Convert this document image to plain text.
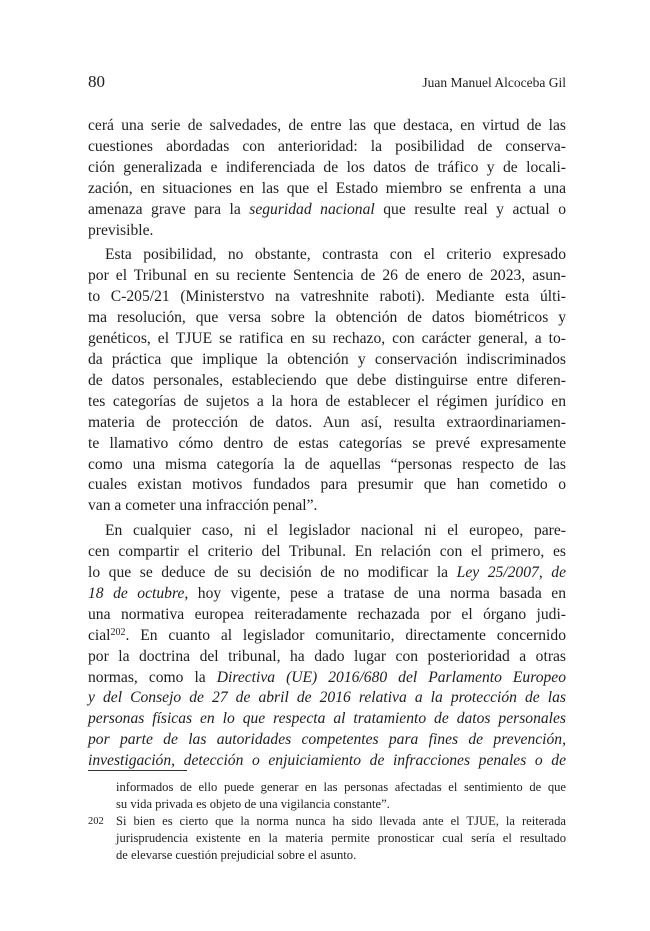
80	Juan Manuel Alcoceba Gil
cerá una serie de salvedades, de entre las que destaca, en virtud de las
cuestiones abordadas con anterioridad: la posibilidad de conserva-
ción generalizada e indiferenciada de los datos de tráfico y de locali-
zación, en situaciones en las que el Estado miembro se enfrenta a una
amenaza grave para la seguridad nacional que resulte real y actual o
previsible.
Esta posibilidad, no obstante, contrasta con el criterio expresado
por el Tribunal en su reciente Sentencia de 26 de enero de 2023, asun-
to C-205/21 (Ministerstvo na vatreshnite raboti). Mediante esta últi-
ma resolución, que versa sobre la obtención de datos biométricos y
genéticos, el TJUE se ratifica en su rechazo, con carácter general, a to-
da práctica que implique la obtención y conservación indiscriminados
de datos personales, estableciendo que debe distinguirse entre diferen-
tes categorías de sujetos a la hora de establecer el régimen jurídico en
materia de protección de datos. Aun así, resulta extraordinariamen-
te llamativo cómo dentro de estas categorías se prevé expresamente
como una misma categoría la de aquellas “personas respecto de las
cuales existan motivos fundados para presumir que han cometido o
van a cometer una infracción penal”.
En cualquier caso, ni el legislador nacional ni el europeo, pare-
cen compartir el criterio del Tribunal. En relación con el primero, es
lo que se deduce de su decisión de no modificar la Ley 25/2007, de
18 de octubre, hoy vigente, pese a tratase de una norma basada en
una normativa europea reiteradamente rechazada por el órgano judi-
cial$^{202}$. En cuanto al legislador comunitario, directamente concernido
por la doctrina del tribunal, ha dado lugar con posterioridad a otras
normas, como la Directiva (UE) 2016/680 del Parlamento Europeo
y del Consejo de 27 de abril de 2016 relativa a la protección de las
personas físicas en lo que respecta al tratamiento de datos personales
por parte de las autoridades competentes para fines de prevención,
investigación, detección o enjuiciamiento de infracciones penales o de
informados de ello puede generar en las personas afectadas el sentimiento de que
su vida privada es objeto de una vigilancia constante”.
202 Si bien es cierto que la norma nunca ha sido llevada ante el TJUE, la reiterada
jurisprudencia existente en la materia permite pronosticar cual sería el resultado
de elevarse cuestión prejudicial sobre el asunto.
